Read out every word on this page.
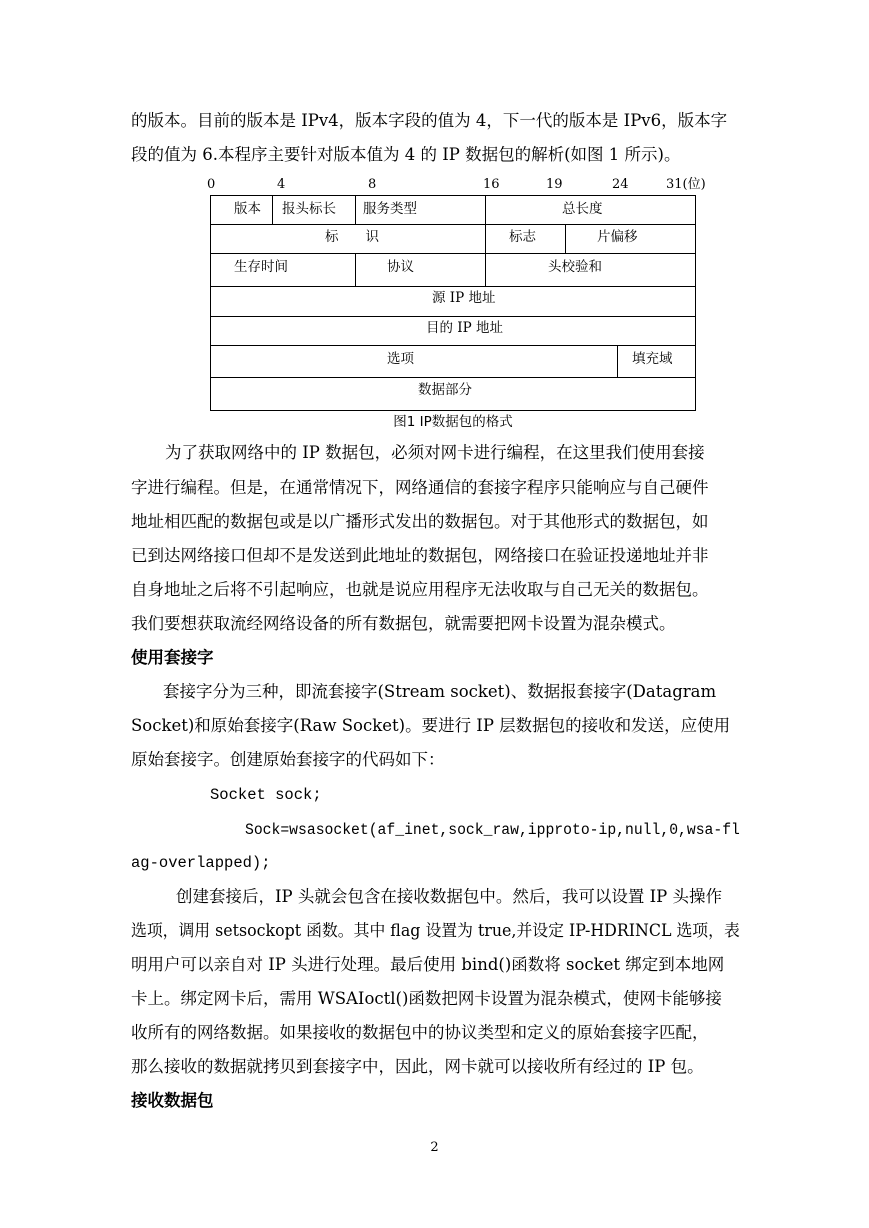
的版本。目前的版本是 IPv4，版本字段的值为 4，下一代的版本是 IPv6，版本字
段的值为 6.本程序主要针对版本值为 4 的 IP 数据包的解析(如图 1 所示)。
0	4	8	16	19	24	31(位)
版本 报头标长 服务类型	总长度
标　　识	标志	片偏移
生存时间	协议	头校验和
源 IP 地址
目的 IP 地址
选项	填充域
数据部分
图1 IP数据包的格式
为了获取网络中的 IP 数据包，必须对网卡进行编程，在这里我们使用套接
字进行编程。但是，在通常情况下，网络通信的套接字程序只能响应与自己硬件
地址相匹配的数据包或是以广播形式发出的数据包。对于其他形式的数据包，如
已到达网络接口但却不是发送到此地址的数据包，网络接口在验证投递地址并非
自身地址之后将不引起响应，也就是说应用程序无法收取与自己无关的数据包。
我们要想获取流经网络设备的所有数据包，就需要把网卡设置为混杂模式。
使用套接字
套接字分为三种，即流套接字(Stream socket)、数据报套接字(Datagram
Socket)和原始套接字(Raw Socket)。要进行 IP 层数据包的接收和发送，应使用
原始套接字。创建原始套接字的代码如下：
Socket sock;
Sock=wsasocket(af_inet,sock_raw,ipproto-ip,null,0,wsa-fl
ag-overlapped);
创建套接后，IP 头就会包含在接收数据包中。然后，我可以设置 IP 头操作
选项，调用 setsockopt 函数。其中 flag 设置为 true,并设定 IP-HDRINCL 选项，表
明用户可以亲自对 IP 头进行处理。最后使用 bind()函数将 socket 绑定到本地网
卡上。绑定网卡后，需用 WSAIoctl()函数把网卡设置为混杂模式，使网卡能够接
收所有的网络数据。如果接收的数据包中的协议类型和定义的原始套接字匹配，
那么接收的数据就拷贝到套接字中，因此，网卡就可以接收所有经过的 IP 包。
接收数据包
2
